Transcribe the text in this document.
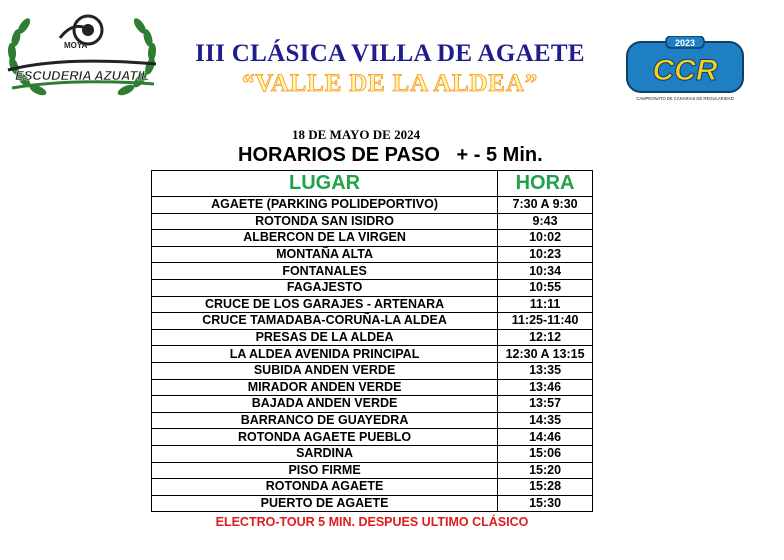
MOYA
ESCUDERIA AZUATIL
III CLÁSICA VILLA DE AGAETE
“VALLE DE LA ALDEA”
2023
CCR
CAMPEONATO DE CANARIAS DE REGULARIDAD
18 DE MAYO DE 2024
HORARIOS DE PASO   + - 5 Min.
LUGAR	HORA
AGAETE (PARKING POLIDEPORTIVO)	7:30 A 9:30
ROTONDA SAN ISIDRO	9:43
ALBERCON DE LA VIRGEN	10:02
MONTAÑA ALTA	10:23
FONTANALES	10:34
FAGAJESTO	10:55
CRUCE DE LOS GARAJES - ARTENARA	11:11
CRUCE TAMADABA-CORUÑA-LA ALDEA	11:25-11:40
PRESAS DE LA ALDEA	12:12
LA ALDEA AVENIDA PRINCIPAL	12:30 A 13:15
SUBIDA ANDEN VERDE	13:35
MIRADOR ANDEN VERDE	13:46
BAJADA ANDEN VERDE	13:57
BARRANCO DE GUAYEDRA	14:35
ROTONDA AGAETE PUEBLO	14:46
SARDINA	15:06
PISO FIRME	15:20
ROTONDA AGAETE	15:28
PUERTO DE AGAETE	15:30
ELECTRO-TOUR 5 MIN. DESPUES ULTIMO CLÁSICO
